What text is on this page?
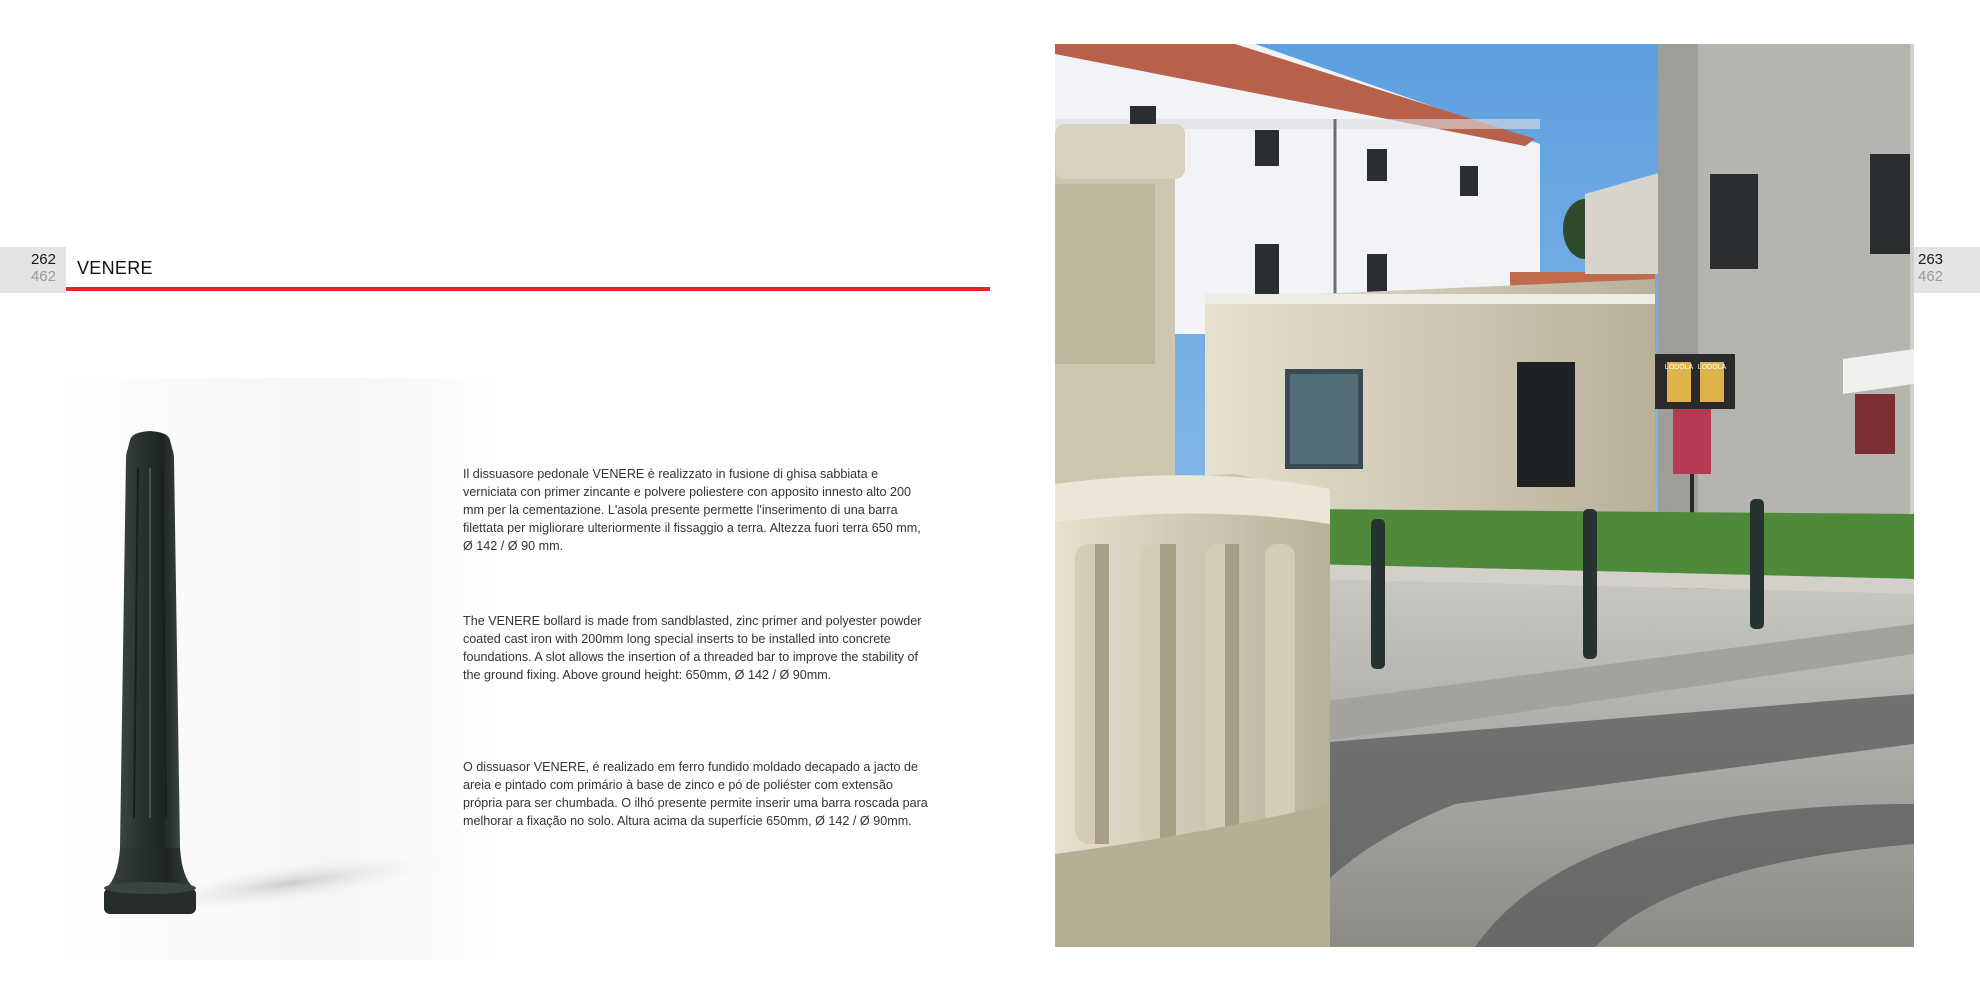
262
462
263
462
VENERE
Il dissuasore pedonale VENERE è realizzato in fusione di ghisa sabbiata e verniciata con primer zincante e polvere poliestere con apposito innesto alto 200 mm per la cementazione. L'asola presente permette l'inserimento di una barra filettata per migliorare ulteriormente il fissaggio a terra. Altezza fuori terra 650 mm, Ø 142 / Ø 90 mm.
The VENERE bollard is made from sandblasted, zinc primer and polyester powder coated cast iron with 200mm long special inserts to be installed into concrete foundations. A slot allows the insertion of a threaded bar to improve the stability of the ground fixing. Above ground height: 650mm, Ø 142 / Ø 90mm.
O dissuasor VENERE, é realizado em ferro fundido moldado decapado a jacto de areia e pintado com primário à base de zinco e pó de poliéster com extensão própria para ser chumbada. O ilhó presente permite inserir uma barra roscada para melhorar a fixação no solo. Altura acima da superfície 650mm, Ø 142 / Ø 90mm.
LODOLA LODOLA
